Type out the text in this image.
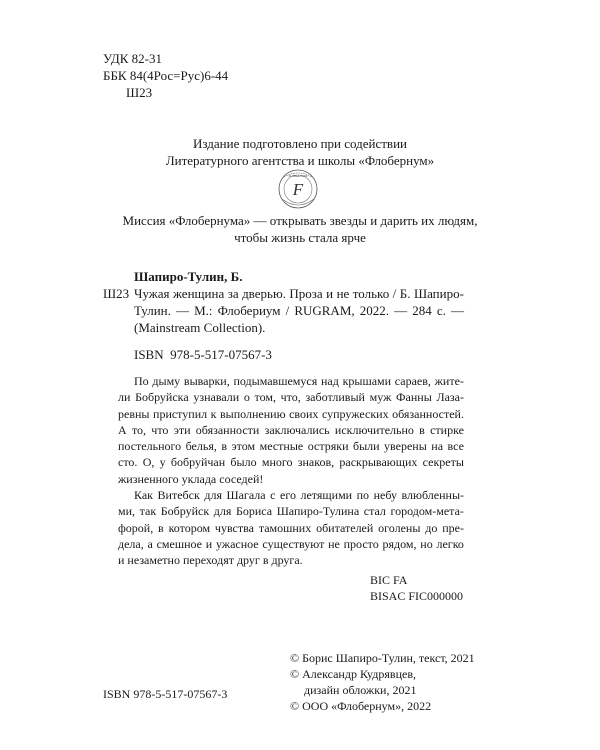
УДК 82-31
ББК 84(4Рос=Рус)6-44
Ш23
Издание подготовлено при содействии
Литературного агентства и школы «Флобернум»
F
FLOBERNUM
Миссия «Флобернума» — открывать звезды и дарить их людям,
чтобы жизнь стала ярче
Шапиро-Тулин, Б.
Ш23 Чужая женщина за дверью. Проза и не только / Б. Шапиро-
Тулин. — М.: Флобериум / RUGRAM, 2022. — 284 с. —
(Mainstream Collection).
ISBN  978-5-517-07567-3
По дыму выварки, подымавшемуся над крышами сараев, жите-
ли Бобруйска узнавали о том, что, заботливый муж Фанны Лаза-
ревны приступил к выполнению своих супружеских обязанностей.
А то, что эти обязанности заключались исключительно в стирке
постельного белья, в этом местные остряки были уверены на все
сто. О, у бобруйчан было много знаков, раскрывающих секреты
жизненного уклада соседей!
Как Витебск для Шагала с его летящими по небу влюбленны-
ми, так Бобруйск для Бориса Шапиро-Тулина стал городом-мета-
форой, в котором чувства тамошних обитателей оголены до пре-
дела, а смешное и ужасное существуют не просто рядом, но легко
и незаметно переходят друг в друга.
BIC FA
BISAC FIC000000
© Борис Шапиро-Тулин, текст, 2021
© Александр Кудрявцев,
дизайн обложки, 2021
© ООО «Флобернум», 2022
ISBN 978-5-517-07567-3
